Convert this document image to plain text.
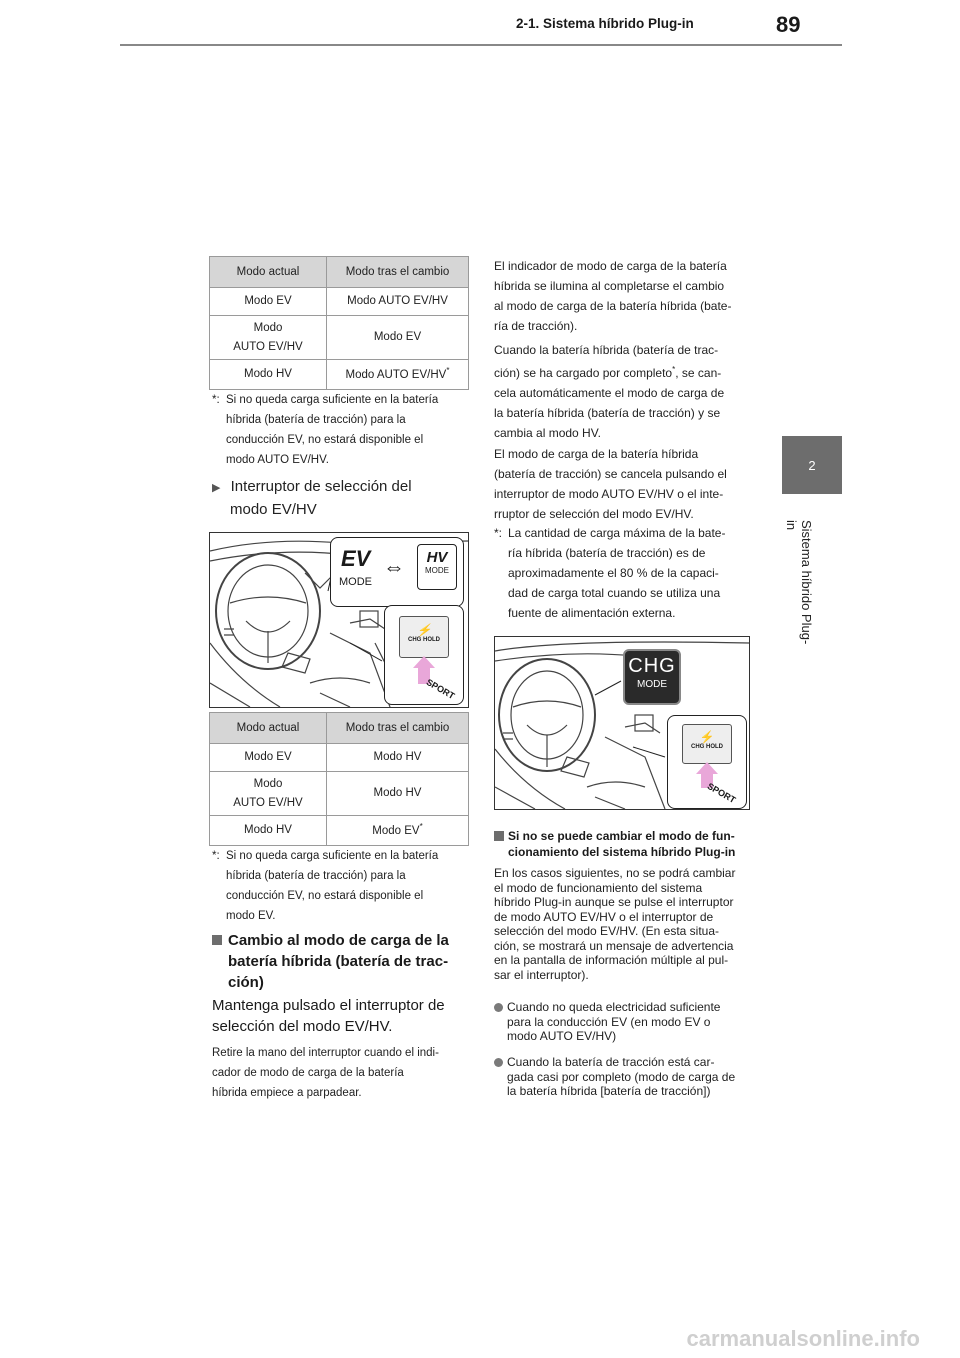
2-1. Sistema híbrido Plug-in	89
2
Sistema híbrido Plug-in
Modo actual	Modo tras el cambio
Modo EV	Modo AUTO EV/HV
Modo
AUTO EV/HV	Modo EV
Modo HV	Modo AUTO EV/HV*
*: Si no queda carga suficiente en la batería
híbrida (batería de tracción) para la
conducción EV, no estará disponible el
modo AUTO EV/HV.
▶ Interruptor de selección del
modo EV/HV
EV
MODE
⇔	HV
MODE
⚡
CHG HOLD
SPORT
Modo actual	Modo tras el cambio
Modo EV	Modo HV
Modo
AUTO EV/HV	Modo HV
Modo HV	Modo EV*
*: Si no queda carga suficiente en la batería
híbrida (batería de tracción) para la
conducción EV, no estará disponible el
modo EV.
Cambio al modo de carga de la
batería híbrida (batería de trac-
ción)
Mantenga pulsado el interruptor de
selección del modo EV/HV.
Retire la mano del interruptor cuando el indi-
cador de modo de carga de la batería
híbrida empiece a parpadear.
El indicador de modo de carga de la batería
híbrida se ilumina al completarse el cambio
al modo de carga de la batería híbrida (bate-
ría de tracción).
Cuando la batería híbrida (batería de trac-
ción) se ha cargado por completo*, se can-
cela automáticamente el modo de carga de
la batería híbrida (batería de tracción) y se
cambia al modo HV.
El modo de carga de la batería híbrida
(batería de tracción) se cancela pulsando el
interruptor de modo AUTO EV/HV o el inte-
rruptor de selección del modo EV/HV.
*: La cantidad de carga máxima de la bate-
ría híbrida (batería de tracción) es de
aproximadamente el 80 % de la capaci-
dad de carga total cuando se utiliza una
fuente de alimentación externa.
CHG
MODE
⚡
CHG HOLD
SPORT
Si no se puede cambiar el modo de fun-
cionamiento del sistema híbrido Plug-in
En los casos siguientes, no se podrá cambiar
el modo de funcionamiento del sistema
híbrido Plug-in aunque se pulse el interruptor
de modo AUTO EV/HV o el interruptor de
selección del modo EV/HV. (En esta situa-
ción, se mostrará un mensaje de advertencia
en la pantalla de información múltiple al pul-
sar el interruptor).
Cuando no queda electricidad suficiente
para la conducción EV (en modo EV o
modo AUTO EV/HV)
Cuando la batería de tracción está car-
gada casi por completo (modo de carga de
la batería híbrida [batería de tracción])
carmanualsonline.info
